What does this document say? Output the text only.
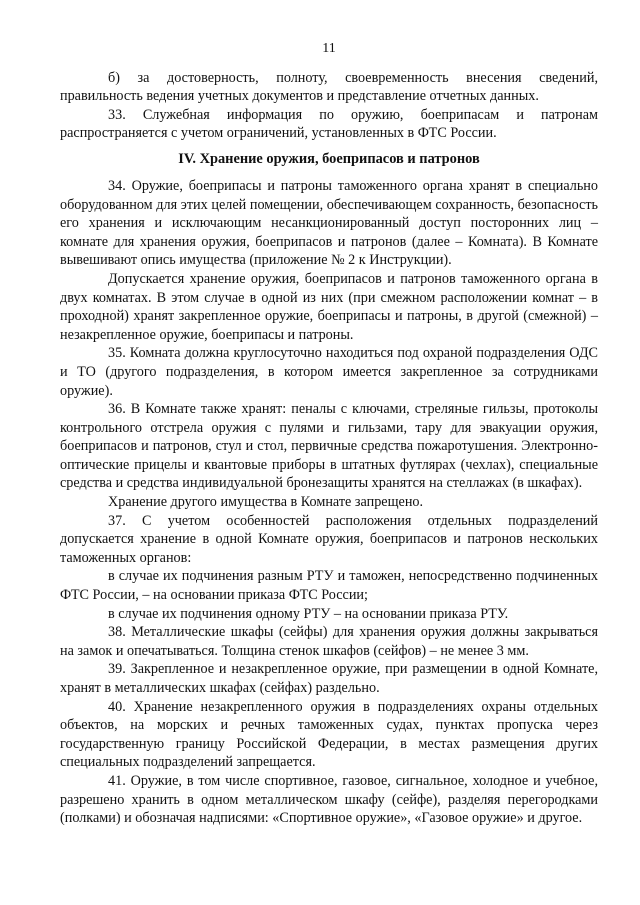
11

б) за достоверность, полноту, своевременность внесения сведений, правильность ведения учетных документов и представление отчетных данных.

33. Служебная информация по оружию, боеприпасам и патронам распространяется с учетом ограничений, установленных в ФТС России.

IV. Хранение оружия, боеприпасов и патронов

34. Оружие, боеприпасы и патроны таможенного органа хранят в специально оборудованном для этих целей помещении, обеспечивающем сохранность, безопасность его хранения и исключающим несанкционированный доступ посторонних лиц – комнате для хранения оружия, боеприпасов и патронов (далее – Комната). В Комнате вывешивают опись имущества (приложение № 2 к Инструкции).

Допускается хранение оружия, боеприпасов и патронов таможенного органа в двух комнатах. В этом случае в одной из них (при смежном расположении комнат – в проходной) хранят закрепленное оружие, боеприпасы и патроны, в другой (смежной) – незакрепленное оружие, боеприпасы и патроны.

35. Комната должна круглосуточно находиться под охраной подразделения ОДС и ТО (другого подразделения, в котором имеется закрепленное за сотрудниками оружие).

36. В Комнате также хранят: пеналы с ключами, стреляные гильзы, протоколы контрольного отстрела оружия с пулями и гильзами, тару для эвакуации оружия, боеприпасов и патронов, стул и стол, первичные средства пожаротушения. Электронно-оптические прицелы и квантовые приборы в штатных футлярах (чехлах), специальные средства и средства индивидуальной бронезащиты хранятся на стеллажах (в шкафах).

Хранение другого имущества в Комнате запрещено.

37. С учетом особенностей расположения отдельных подразделений допускается хранение в одной Комнате оружия, боеприпасов и патронов нескольких таможенных органов:

в случае их подчинения разным РТУ и таможен, непосредственно подчиненных ФТС России, – на основании приказа ФТС России;

в случае их подчинения одному РТУ – на основании приказа РТУ.

38. Металлические шкафы (сейфы) для хранения оружия должны закрываться на замок и опечатываться. Толщина стенок шкафов (сейфов) – не менее 3 мм.

39. Закрепленное и незакрепленное оружие, при размещении в одной Комнате, хранят в металлических шкафах (сейфах) раздельно.

40. Хранение незакрепленного оружия в подразделениях охраны отдельных объектов, на морских и речных таможенных судах, пунктах пропуска через государственную границу Российской Федерации, в местах размещения других специальных подразделений запрещается.

41. Оружие, в том числе спортивное, газовое, сигнальное, холодное и учебное, разрешено хранить в одном металлическом шкафу (сейфе), разделяя перегородками (полками) и обозначая надписями: «Спортивное оружие», «Газовое оружие» и другое.
